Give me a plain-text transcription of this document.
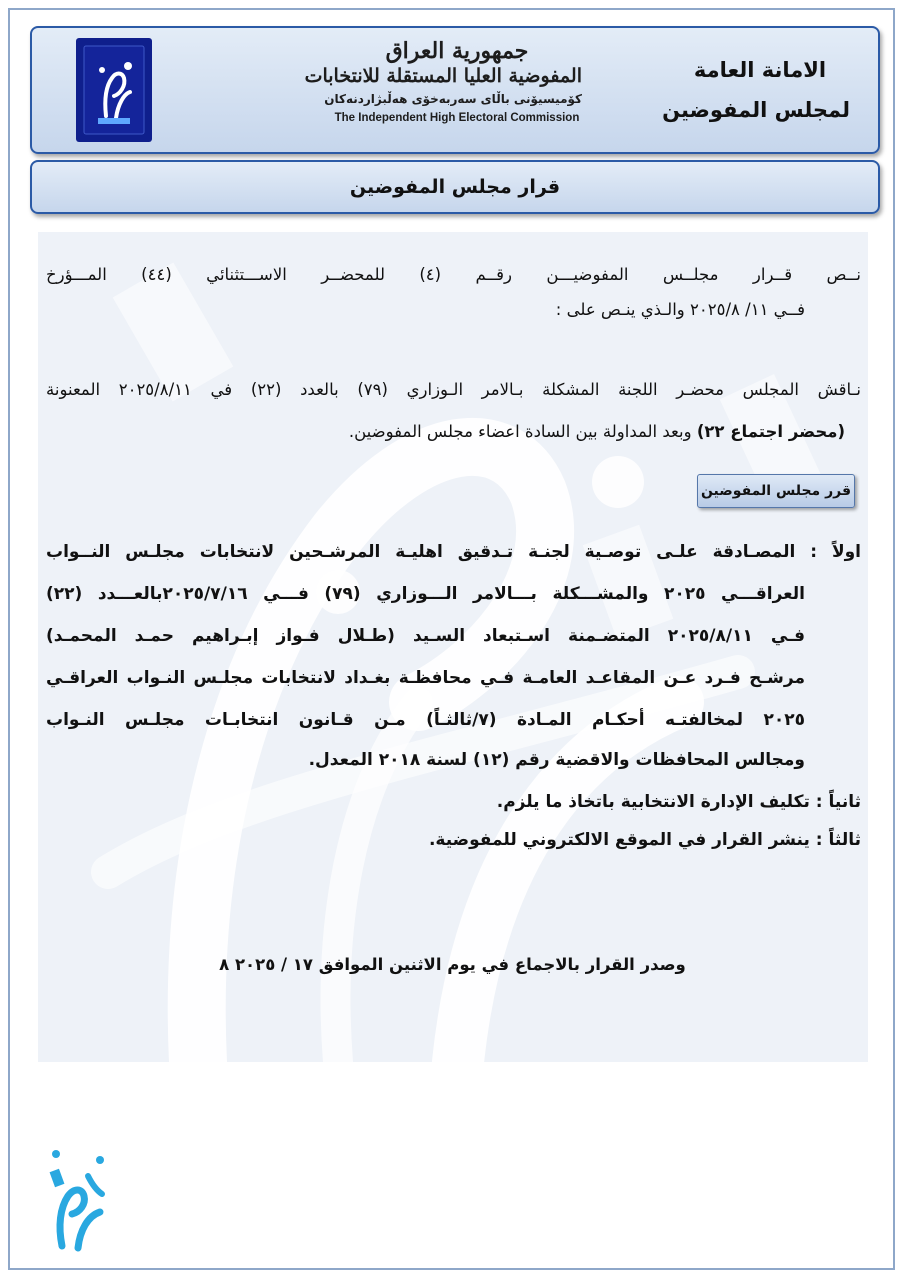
جمهورية العراق
المفوضية العليا المستقلة للانتخابات
كۆمیسیۆنی باڵای سەربەخۆی هەڵبژاردنەکان
The Independent High Electoral Commission
الامانة العامة
لمجلس المفوضين
قرار مجلس المفوضين
نــص قــرار مجلــس المفوضيـــن رقــم (٤) للمحضــر الاســـتثنائي (٤٤) المـــؤرخ
فــي ١١/ ٢٠٢٥/٨ والـذي ينـص على :
نـاقش المجلس محضـر اللجنة المشكلة بـالامر الـوزاري (٧٩) بالعدد (٢٢) في ٢٠٢٥/٨/١١ المعنونة
(محضر اجتماع ٢٢) وبعد المداولة بين السادة اعضاء مجلس المفوضين.
قرر مجلس المفوضين
اولاً : المصـادقة علـى توصـية لجنـة تـدقيق اهليـة المرشـحين لانتخابات مجلـس النــواب
العراقـــي ٢٠٢٥ والمشـــكلة بـــالامر الـــوزاري (٧٩) فـــي ٢٠٢٥/٧/١٦بالعـــدد (٢٢)
فـي ٢٠٢٥/٨/١١ المتضـمنة اسـتبعاد السـيد (طـلال فـواز إبـراهيم حمـد المحمـد)
مرشـح فـرد عـن المقاعـد العامـة فـي محافظـة بغـداد لانتخابات مجلـس النـواب العراقـي
٢٠٢٥ لمخالفتـه أحكـام المـادة (٧/ثالثـاً) مـن قـانون انتخابـات مجلـس النـواب
ومجالس المحافظات والاقضية رقم (١٢) لسنة ٢٠١٨ المعدل.
ثانياً : تكليف الإدارة الانتخابية باتخاذ ما يلزم.
ثالثاً : ينشر القرار في الموقع الالكتروني للمفوضية.
وصدر القرار بالاجماع في يوم الاثنين الموافق ١٧ / ٢٠٢٥ ٨
